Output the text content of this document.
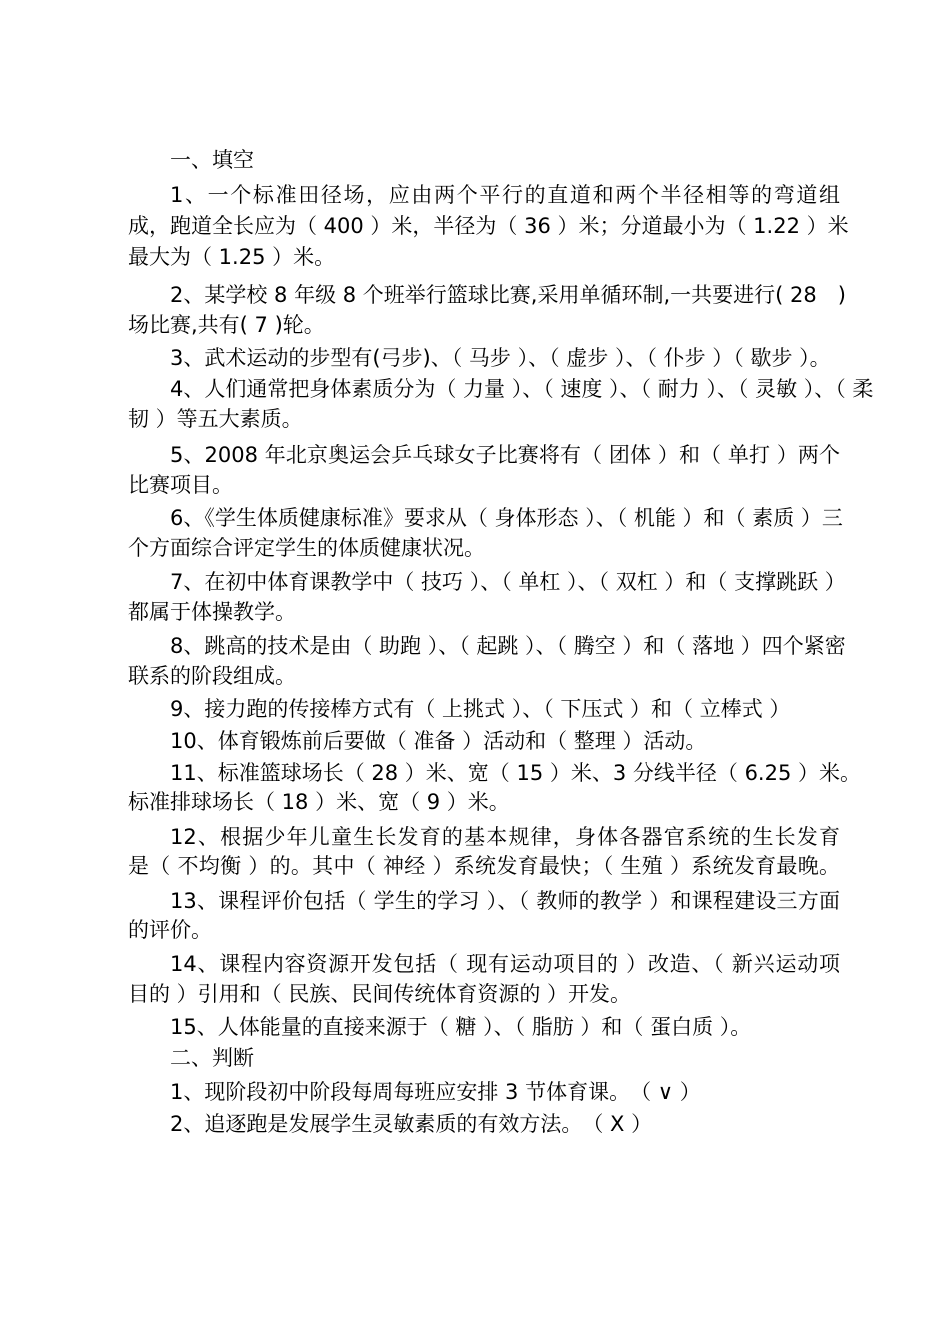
一、填空
1、一个标准田径场，应由两个平行的直道和两个半径相等的弯道组
成，跑道全长应为（ 400 ）米，半径为（ 36 ）米；分道最小为（ 1.22 ）米
最大为（ 1.25 ）米。
2、某学校 8 年级 8 个班举行篮球比赛,采用单循环制,一共要进行( 28　)
场比赛,共有( 7 )轮。
3、武术运动的步型有(弓步)、（ 马步 ）、（ 虚步 ）、（ 仆步 ）（ 歇步 ）。
4、人们通常把身体素质分为（ 力量 ）、（ 速度 ）、（ 耐力 ）、（ 灵敏 ）、（ 柔
韧 ）等五大素质。
5、2008 年北京奥运会乒乓球女子比赛将有（ 团体 ）和（ 单打 ）两个
比赛项目。
6、《学生体质健康标准》要求从（ 身体形态 ）、（ 机能 ）和（ 素质 ）三
个方面综合评定学生的体质健康状况。
7、在初中体育课教学中（ 技巧 ）、（ 单杠 ）、（ 双杠 ）和（ 支撑跳跃 ）
都属于体操教学。
8、跳高的技术是由（ 助跑 ）、（ 起跳 ）、（ 腾空 ）和（ 落地 ）四个紧密
联系的阶段组成。
9、接力跑的传接棒方式有（ 上挑式 ）、（ 下压式 ）和（ 立棒式 ）
10、体育锻炼前后要做（ 准备 ）活动和（ 整理 ）活动。
11、标准篮球场长（ 28 ）米、宽（ 15 ）米、3 分线半径（ 6.25 ）米。
标准排球场长（ 18 ）米、宽（ 9 ）米。
12、根据少年儿童生长发育的基本规律，身体各器官系统的生长发育
是（ 不均衡 ）的。其中（ 神经 ）系统发育最快；（ 生殖 ）系统发育最晚。
13、课程评价包括（ 学生的学习 ）、（ 教师的教学 ）和课程建设三方面
的评价。
14、课程内容资源开发包括（ 现有运动项目的 ）改造、（ 新兴运动项
目的 ）引用和（ 民族、民间传统体育资源的 ）开发。
15、人体能量的直接来源于（ 糖 ）、（ 脂肪 ）和（ 蛋白质 ）。
二、判断
1、现阶段初中阶段每周每班应安排 3 节体育课。　（ ∨ ）
2、追逐跑是发展学生灵敏素质的有效方法。　（ Ⅹ ）
